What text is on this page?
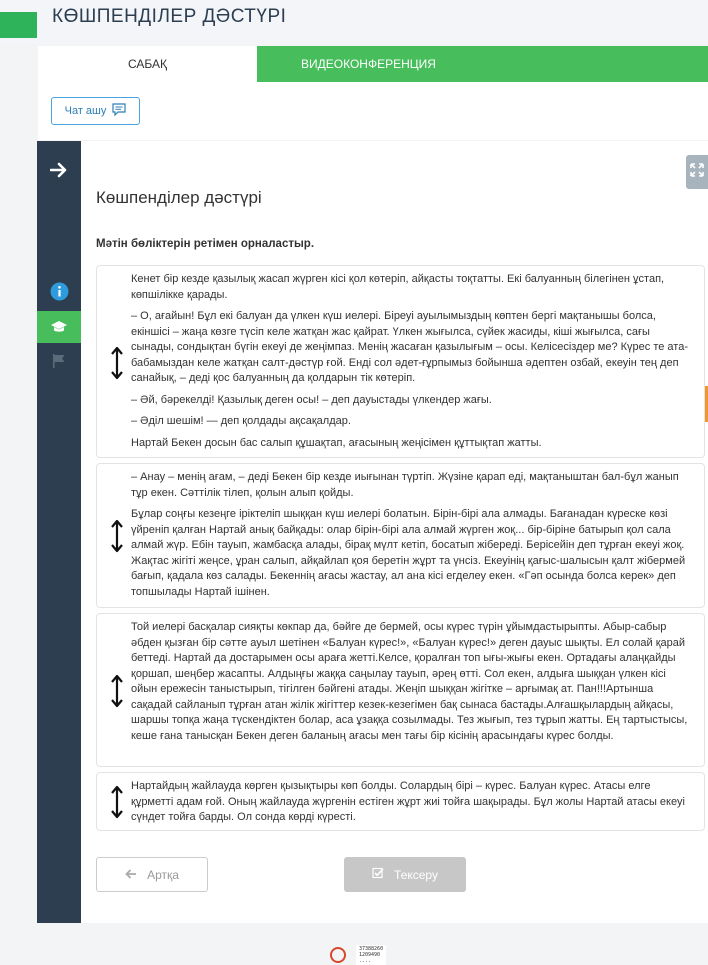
КӨШПЕНДІЛЕР ДӘСТҮРІ
САБАҚ	ВИДЕОКОНФЕРЕНЦИЯ
Чат ашу
Көшпенділер дәстүрі
Мәтін бөліктерін ретімен орналастыр.

Кенет бір кезде қазылық жасап жүрген кісі қол көтеріп, айқасты тоқтатты. Екі балуанның білегінен ұстап, көпшілікке қарады.

– О, ағайын! Бұл екі балуан да үлкен күш иелері. Біреуі ауылымыздың көптен бергі мақтанышы болса, екіншісі – жаңа көзге түсіп келе жатқан жас қайрат. Үлкен жығылса, сүйек жасиды, кіші жығылса, сағы сынады, сондықтан бүгін екеуі де жеңімпаз. Менің жасаған қазылығым – осы. Келісесіздер ме? Күрес те ата-бабамыздан келе жатқан салт-дәстүр ғой. Енді сол әдет-ғұрпымыз бойынша әдептен озбай, екеуін тең деп санайық, – деді қос балуанның да қолдарын тік көтеріп.

– Әй, бәрекелді! Қазылық деген осы! – деп дауыстады үлкендер жағы.

– Әділ шешім! — деп қолдады ақсақалдар.

Нартай Бекен досын бас салып құшақтап, ағасының жеңісімен құттықтап жатты.

– Анау – менің ағам, – деді Бекен бір кезде иығынан түртіп. Жүзіне қарап еді, мақтаныштан бал-бұл жанып тұр екен. Сәттілік тілеп, қолын алып қойды.

Бұлар соңғы кезеңге іріктеліп шыққан күш иелері болатын. Бірін-бірі ала алмады. Бағанадан күреске көзі үйреніп қалған Нартай анық байқады: олар бірін-бірі ала алмай жүрген жоқ... бір-біріне батырып қол сала алмай жүр. Ебін тауып, жамбасқа алады, бірақ мүлт кетіп, босатып жібереді. Берісейін деп тұрған екеуі жоқ. Жақтас жігіті жеңсе, ұран салып, айқайлап қоя беретін жұрт та үнсіз. Екеуінің қағыс-шалысын қалт жібермей бағып, қадала көз салады. Бекеннің ағасы жастау, ал ана кісі егделеу екен. «Гәп осында болса керек» деп топшылады Нартай ішінен.

Той иелері басқалар сияқты көкпар да, бәйге де бермей, осы күрес түрін ұйымдастырыпты. Абыр-сабыр әбден қызған бір сәтте ауыл шетінен «Балуан күрес!», «Балуан күрес!» деген дауыс шықты. Ел солай қарай беттеді. Нартай да достарымен осы араға жетті.Келсе, қоралған топ ығы-жығы екен. Ортадағы алаңқайды қоршап, шеңбер жасапты. Алдыңғы жаққа саңылау тауып, әрең өтті. Сол екен, алдыға шыққан үлкен кісі ойын ережесін таныстырып, тігілген бәйгені атады. Жеңіп шыққан жігітке – арғымақ ат. Пан!!!Артынша сақадай сайланып тұрған атан жілік жігіттер кезек-кезегімен бақ сынаса бастады.Алғашқылардың айқасы, шаршы топқа жаңа түскендіктен болар, аса ұзаққа созылмады. Тез жығып, тез тұрып жатты. Ең тартыстысы, кеше ғана танысқан Бекен деген баланың ағасы мен тағы бір кісінің арасындағы күрес болды.

Нартайдың жайлауда көрген қызықтыры көп болды. Солардың бірі – күрес. Балуан күрес. Атасы елге құрметті адам ғой. Оның жайлауда жүргенін естіген жұрт жиі тойға шақырады. Бұл жолы Нартай атасы екеуі сүндет тойға барды. Ол сонда көрді күресті.

Артқа	Тексеру
37388260
1209490
....
